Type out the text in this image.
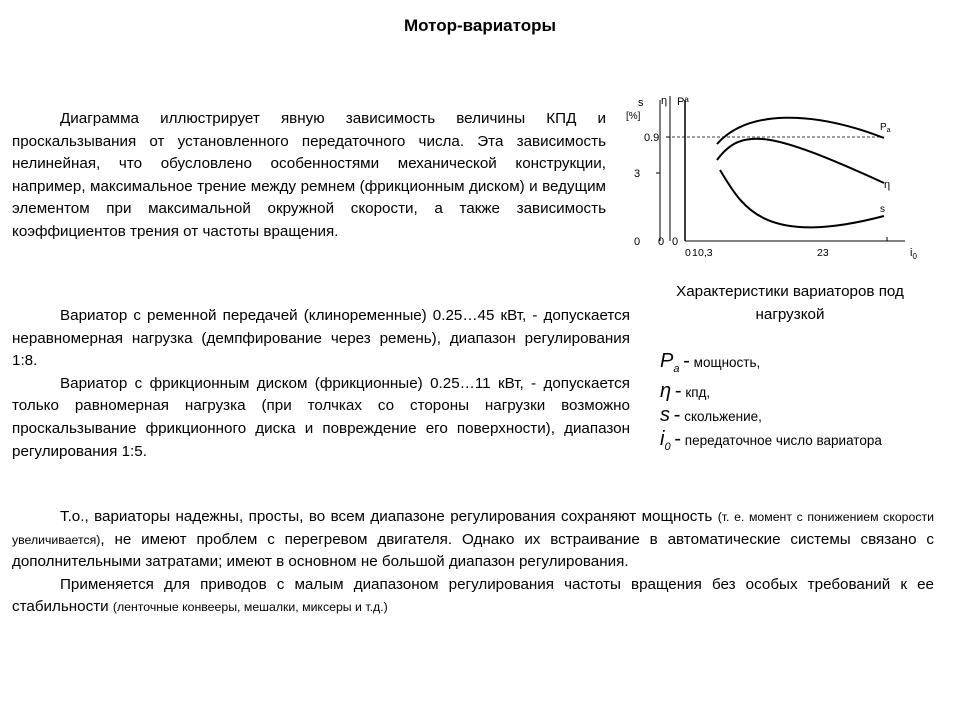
Мотор-вариаторы

Диаграмма иллюстрирует явную зависимость величины КПД и проскальзывания от установленного передаточного числа. Эта зависимость нелинейная, что обусловлено особенностями механической конструкции, например, максимальное трение между ремнем (фрикционным диском) и ведущим элементом при максимальной окружной скорости, а также зависимость коэффициентов трения от частоты вращения.

Вариатор с ременной передачей (клиноременные) 0.25…45 кВт, - допускается неравномерная нагрузка (демпфирование через ремень), диапазон регулирования 1:8.
Вариатор с фрикционным диском (фрикционные) 0.25…11 кВт, - допускается только равномерная нагрузка (при толчках со стороны нагрузки возможно проскальзывание фрикционного диска и повреждение его поверхности), диапазон регулирования 1:5.

Т.о., вариаторы надежны, просты, во всем диапазоне регулирования сохраняют мощность (т. е. момент с понижением скорости увеличивается), не имеют проблем с перегревом двигателя. Однако их встраивание в автоматические системы связано с дополнительными затратами; имеют в основном не большой диапазон регулирования.
Применяется для приводов с малым диапазоном регулирования частоты вращения без особых требований к ее стабильности (ленточные конвееры, мешалки, миксеры и т.д.)

s
[%]
η $P^a$
3
0
0.9
0 0
0 1 0,3	23	$i_0$
$P_a$
η
s
Характеристики вариаторов под нагрузкой
$P_a$ - мощность,
η - кпд,
s - скольжение,
$i_0$ - передаточное число вариатора
